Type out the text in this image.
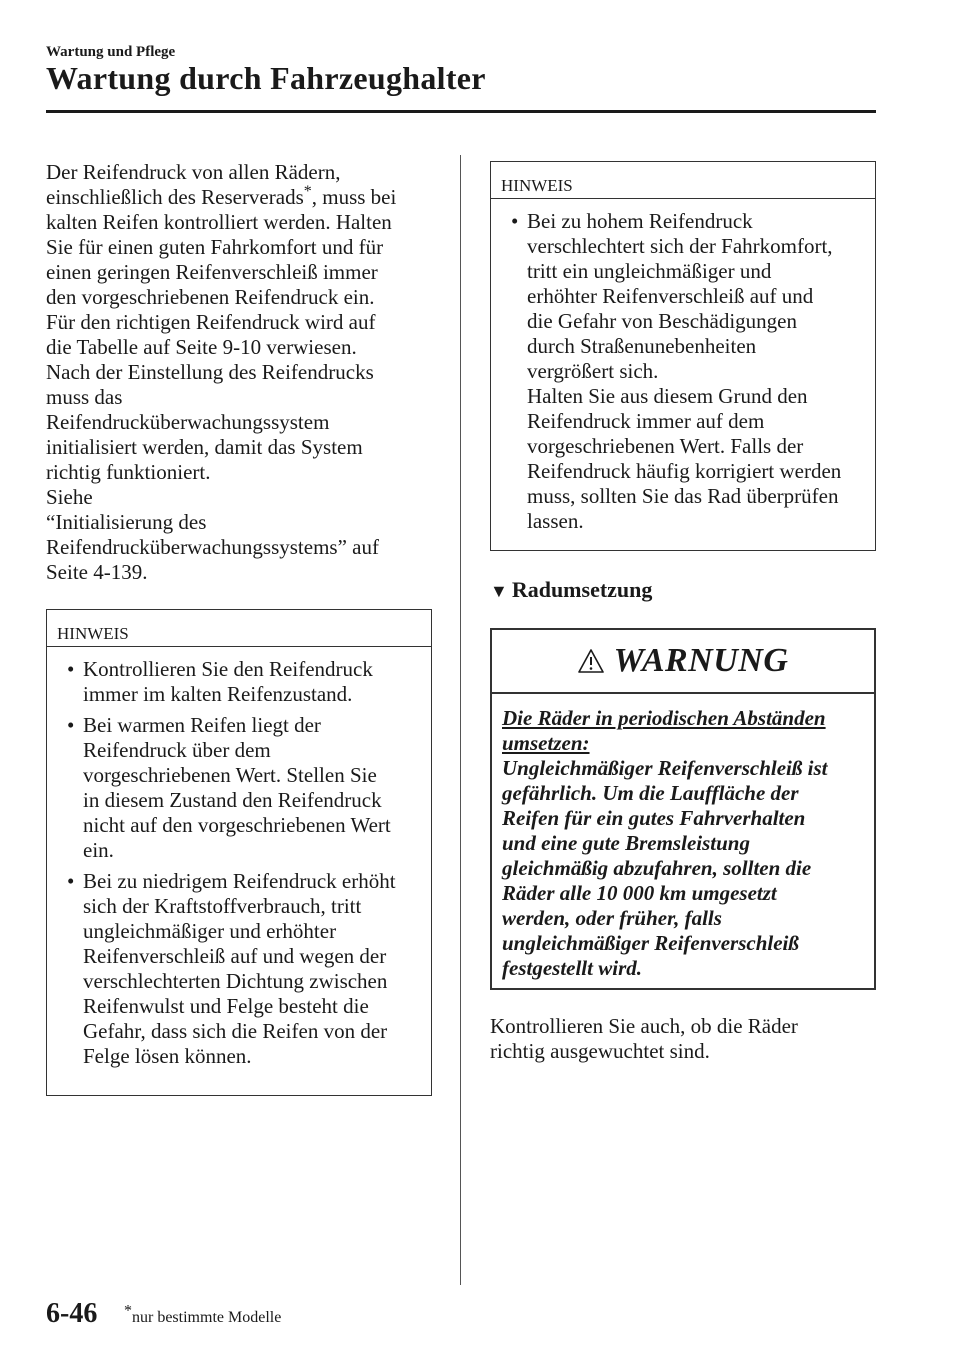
Wartung und Pflege
Wartung durch Fahrzeughalter
Der Reifendruck von allen Rädern,
einschließlich des Reserverads*, muss bei
kalten Reifen kontrolliert werden. Halten
Sie für einen guten Fahrkomfort und für
einen geringen Reifenverschleiß immer
den vorgeschriebenen Reifendruck ein.
Für den richtigen Reifendruck wird auf
die Tabelle auf Seite 9-10 verwiesen.
Nach der Einstellung des Reifendrucks
muss das
Reifendrucküberwachungssystem
initialisiert werden, damit das System
richtig funktioniert.
Siehe
“Initialisierung des
Reifendrucküberwachungssystems” auf
Seite 4-139.
HINWEIS
• Kontrollieren Sie den Reifendruck
immer im kalten Reifenzustand.
• Bei warmen Reifen liegt der
Reifendruck über dem
vorgeschriebenen Wert. Stellen Sie
in diesem Zustand den Reifendruck
nicht auf den vorgeschriebenen Wert
ein.
• Bei zu niedrigem Reifendruck erhöht
sich der Kraftstoffverbrauch, tritt
ungleichmäßiger und erhöhter
Reifenverschleiß auf und wegen der
verschlechterten Dichtung zwischen
Reifenwulst und Felge besteht die
Gefahr, dass sich die Reifen von der
Felge lösen können.
HINWEIS
• Bei zu hohem Reifendruck
verschlechtert sich der Fahrkomfort,
tritt ein ungleichmäßiger und
erhöhter Reifenverschleiß auf und
die Gefahr von Beschädigungen
durch Straßenunebenheiten
vergrößert sich.
Halten Sie aus diesem Grund den
Reifendruck immer auf dem
vorgeschriebenen Wert. Falls der
Reifendruck häufig korrigiert werden
muss, sollten Sie das Rad überprüfen
lassen.
▼ Radumsetzung
WARNUNG
Die Räder in periodischen Abständen
umsetzen:
Ungleichmäßiger Reifenverschleiß ist
gefährlich. Um die Lauffläche der
Reifen für ein gutes Fahrverhalten
und eine gute Bremsleistung
gleichmäßig abzufahren, sollten die
Räder alle 10 000 km umgesetzt
werden, oder früher, falls
ungleichmäßiger Reifenverschleiß
festgestellt wird.
Kontrollieren Sie auch, ob die Räder
richtig ausgewuchtet sind.
6-46 *nur bestimmte Modelle
